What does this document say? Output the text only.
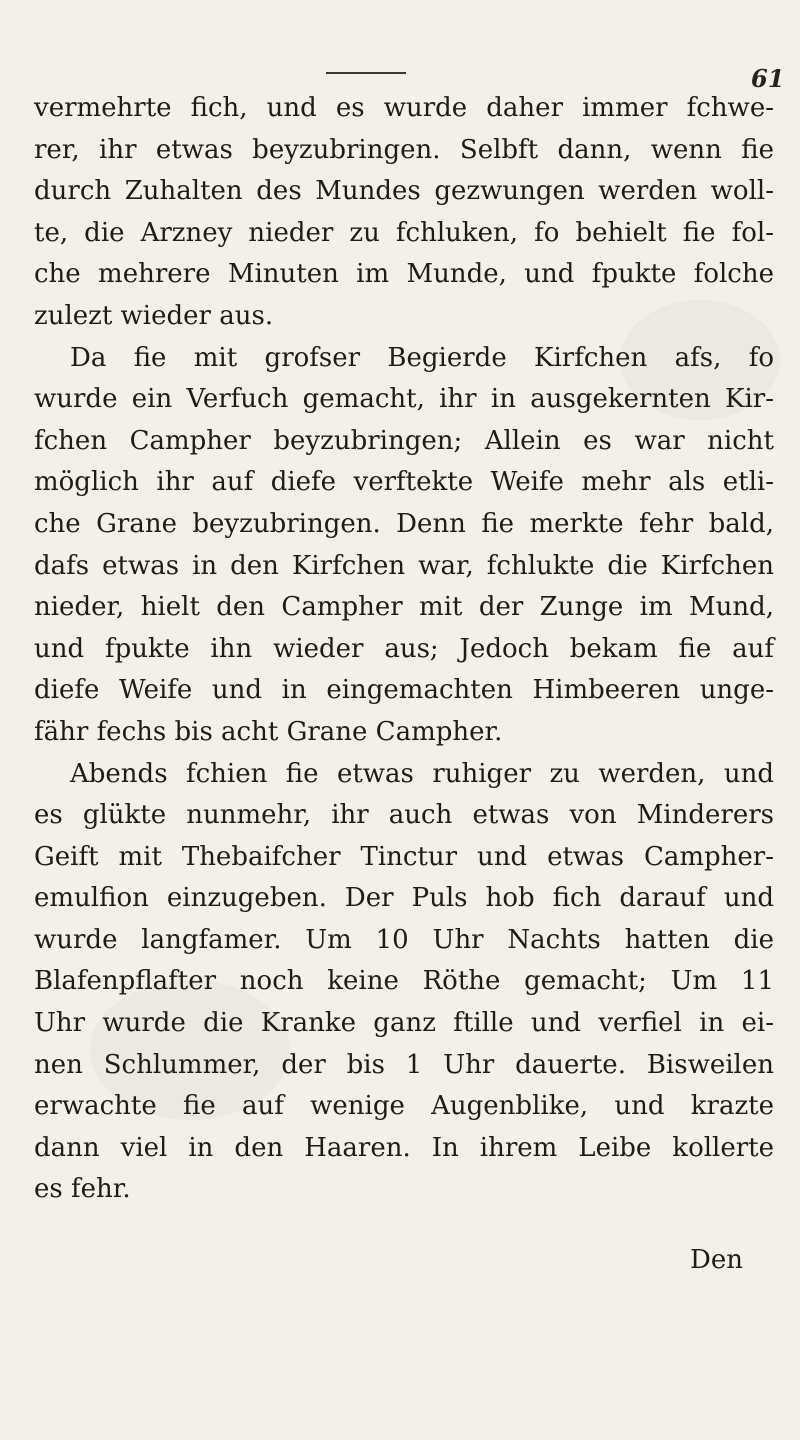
61
vermehrte fich, und es wurde daher immer fchwe-
rer, ihr etwas beyzubringen. Selbft dann, wenn fie
durch Zuhalten des Mundes gezwungen werden woll-
te, die Arzney nieder zu fchluken, fo behielt fie fol-
che mehrere Minuten im Munde, und fpukte folche
zulezt wieder aus.
Da fie mit grofser Begierde Kirfchen afs, fo
wurde ein Verfuch gemacht, ihr in ausgekernten Kir-
fchen Campher beyzubringen; Allein es war nicht
möglich ihr auf diefe verftekte Weife mehr als etli-
che Grane beyzubringen. Denn fie merkte fehr bald,
dafs etwas in den Kirfchen war, fchlukte die Kirfchen
nieder, hielt den Campher mit der Zunge im Mund,
und fpukte ihn wieder aus; Jedoch bekam fie auf
diefe Weife und in eingemachten Himbeeren unge-
fähr fechs bis acht Grane Campher.
Abends fchien fie etwas ruhiger zu werden, und
es glükte nunmehr, ihr auch etwas von Minderers
Geift mit Thebaifcher Tinctur und etwas Campher-
emulfion einzugeben. Der Puls hob fich darauf und
wurde langfamer. Um 10 Uhr Nachts hatten die
Blafenpflafter noch keine Röthe gemacht; Um 11
Uhr wurde die Kranke ganz ftille und verfiel in ei-
nen Schlummer, der bis 1 Uhr dauerte. Bisweilen
erwachte fie auf wenige Augenblike, und krazte
dann viel in den Haaren. In ihrem Leibe kollerte
es fehr.
Den
